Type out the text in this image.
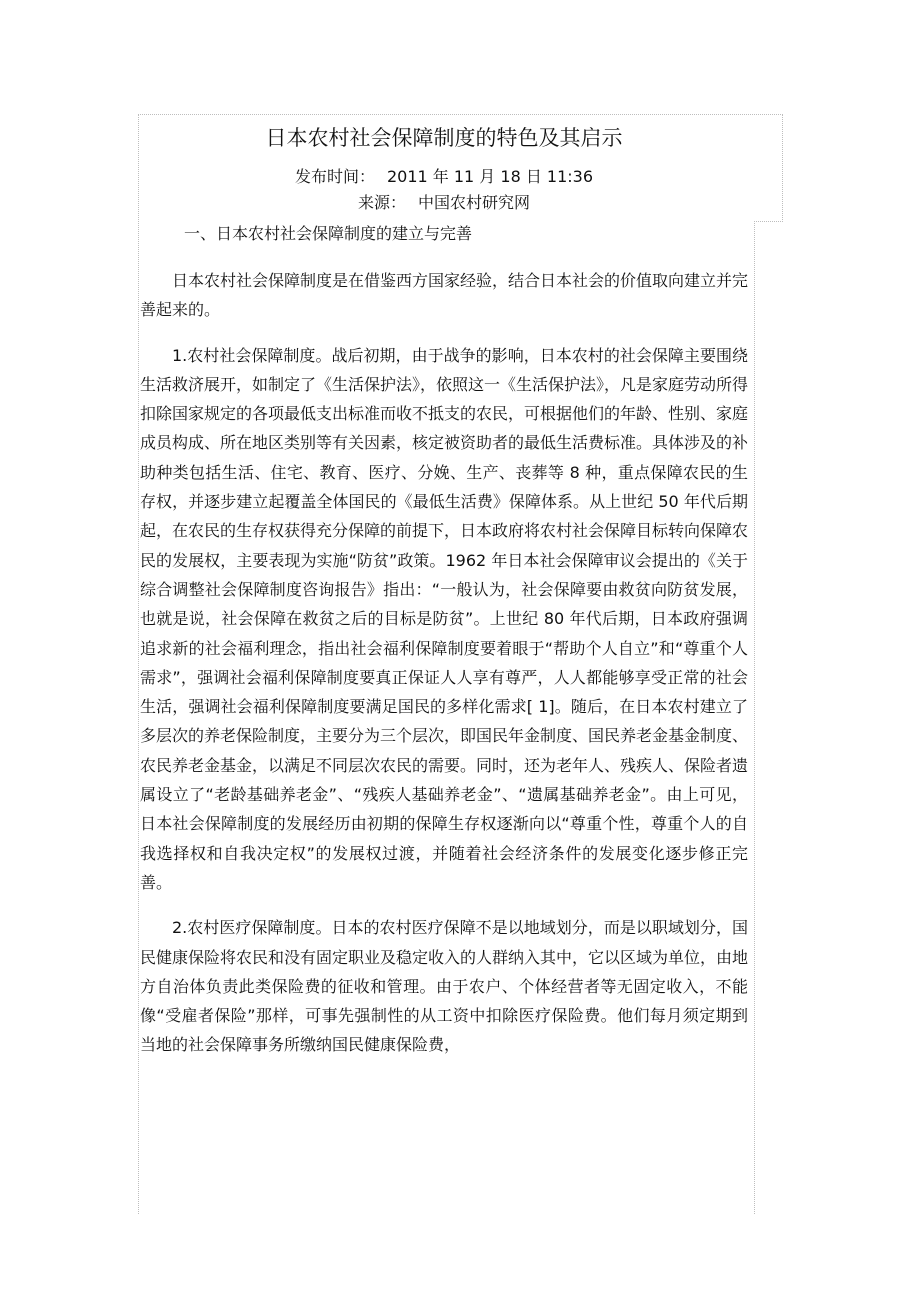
日本农村社会保障制度的特色及其启示
发布时间： 2011 年 11 月 18 日 11:36
来源： 中国农村研究网
一、日本农村社会保障制度的建立与完善

日本农村社会保障制度是在借鉴西方国家经验，结合日本社会的价值取向建立并完善起来的。

1.农村社会保障制度。战后初期，由于战争的影响，日本农村的社会保障主要围绕生活救济展开，如制定了《生活保护法》，依照这一《生活保护法》，凡是家庭劳动所得扣除国家规定的各项最低支出标准而收不抵支的农民，可根据他们的年龄、性别、家庭成员构成、所在地区类别等有关因素，核定被资助者的最低生活费标准。具体涉及的补助种类包括生活、住宅、教育、医疗、分娩、生产、丧葬等 8 种，重点保障农民的生存权，并逐步建立起覆盖全体国民的《最低生活费》保障体系。从上世纪 50 年代后期起，在农民的生存权获得充分保障的前提下，日本政府将农村社会保障目标转向保障农民的发展权，主要表现为实施“防贫”政策。1962 年日本社会保障审议会提出的《关于综合调整社会保障制度咨询报告》指出：“一般认为，社会保障要由救贫向防贫发展，也就是说，社会保障在救贫之后的目标是防贫”。上世纪 80 年代后期，日本政府强调追求新的社会福利理念，指出社会福利保障制度要着眼于“帮助个人自立”和“尊重个人需求”，强调社会福利保障制度要真正保证人人享有尊严，人人都能够享受正常的社会生活，强调社会福利保障制度要满足国民的多样化需求[ 1]。随后，在日本农村建立了多层次的养老保险制度，主要分为三个层次，即国民年金制度、国民养老金基金制度、农民养老金基金，以满足不同层次农民的需要。同时，还为老年人、残疾人、保险者遗属设立了“老龄基础养老金”、“残疾人基础养老金”、“遗属基础养老金”。由上可见，日本社会保障制度的发展经历由初期的保障生存权逐渐向以“尊重个性，尊重个人的自我选择权和自我决定权”的发展权过渡，并随着社会经济条件的发展变化逐步修正完善。

2.农村医疗保障制度。日本的农村医疗保障不是以地域划分，而是以职域划分，国民健康保险将农民和没有固定职业及稳定收入的人群纳入其中，它以区域为单位，由地方自治体负责此类保险费的征收和管理。由于农户、个体经营者等无固定收入，不能像“受雇者保险”那样，可事先强制性的从工资中扣除医疗保险费。他们每月须定期到当地的社会保障事务所缴纳国民健康保险费，
